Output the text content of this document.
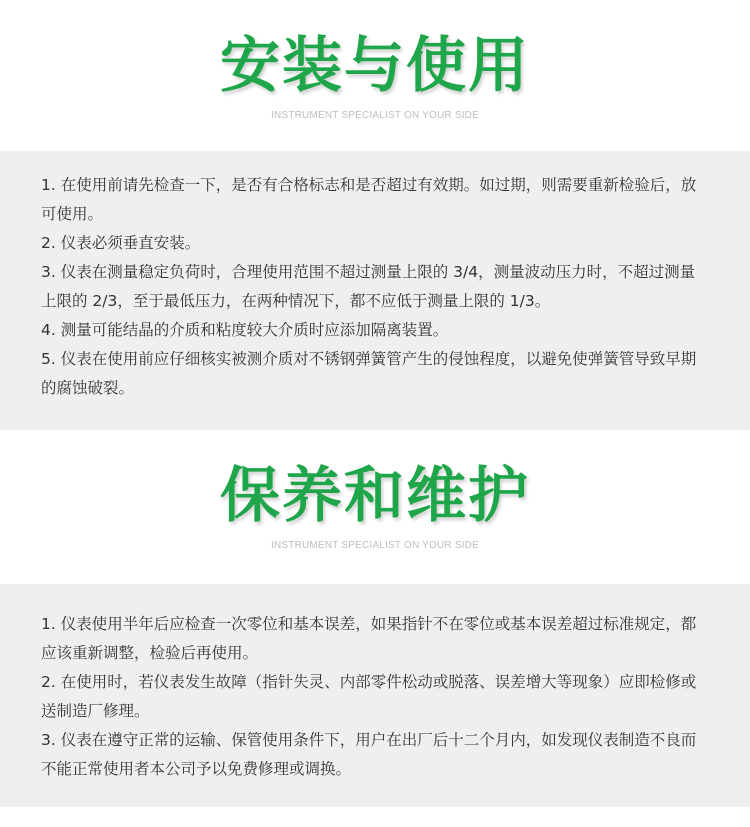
安装与使用
INSTRUMENT SPECIALIST ON YOUR SIDE

1. 在使用前请先检查一下，是否有合格标志和是否超过有效期。如过期，则需要重新检验后，放可使用。

2. 仪表必须垂直安装。

3. 仪表在测量稳定负荷时，合理使用范围不超过测量上限的 3/4，测量波动压力时，不超过测量上限的 2/3，至于最低压力，在两种情况下，都不应低于测量上限的 1/3。

4. 测量可能结晶的介质和粘度较大介质时应添加隔离装置。

5. 仪表在使用前应仔细核实被测介质对不锈钢弹簧管产生的侵蚀程度，以避免使弹簧管导致早期的腐蚀破裂。

保养和维护
INSTRUMENT SPECIALIST ON YOUR SIDE

1. 仪表使用半年后应检查一次零位和基本误差，如果指针不在零位或基本误差超过标准规定，都应该重新调整，检验后再使用。

2. 在使用时，若仪表发生故障（指针失灵、内部零件松动或脱落、误差增大等现象）应即检修或送制造厂修理。

3. 仪表在遵守正常的运输、保管使用条件下，用户在出厂后十二个月内，如发现仪表制造不良而不能正常使用者本公司予以免费修理或调换。
